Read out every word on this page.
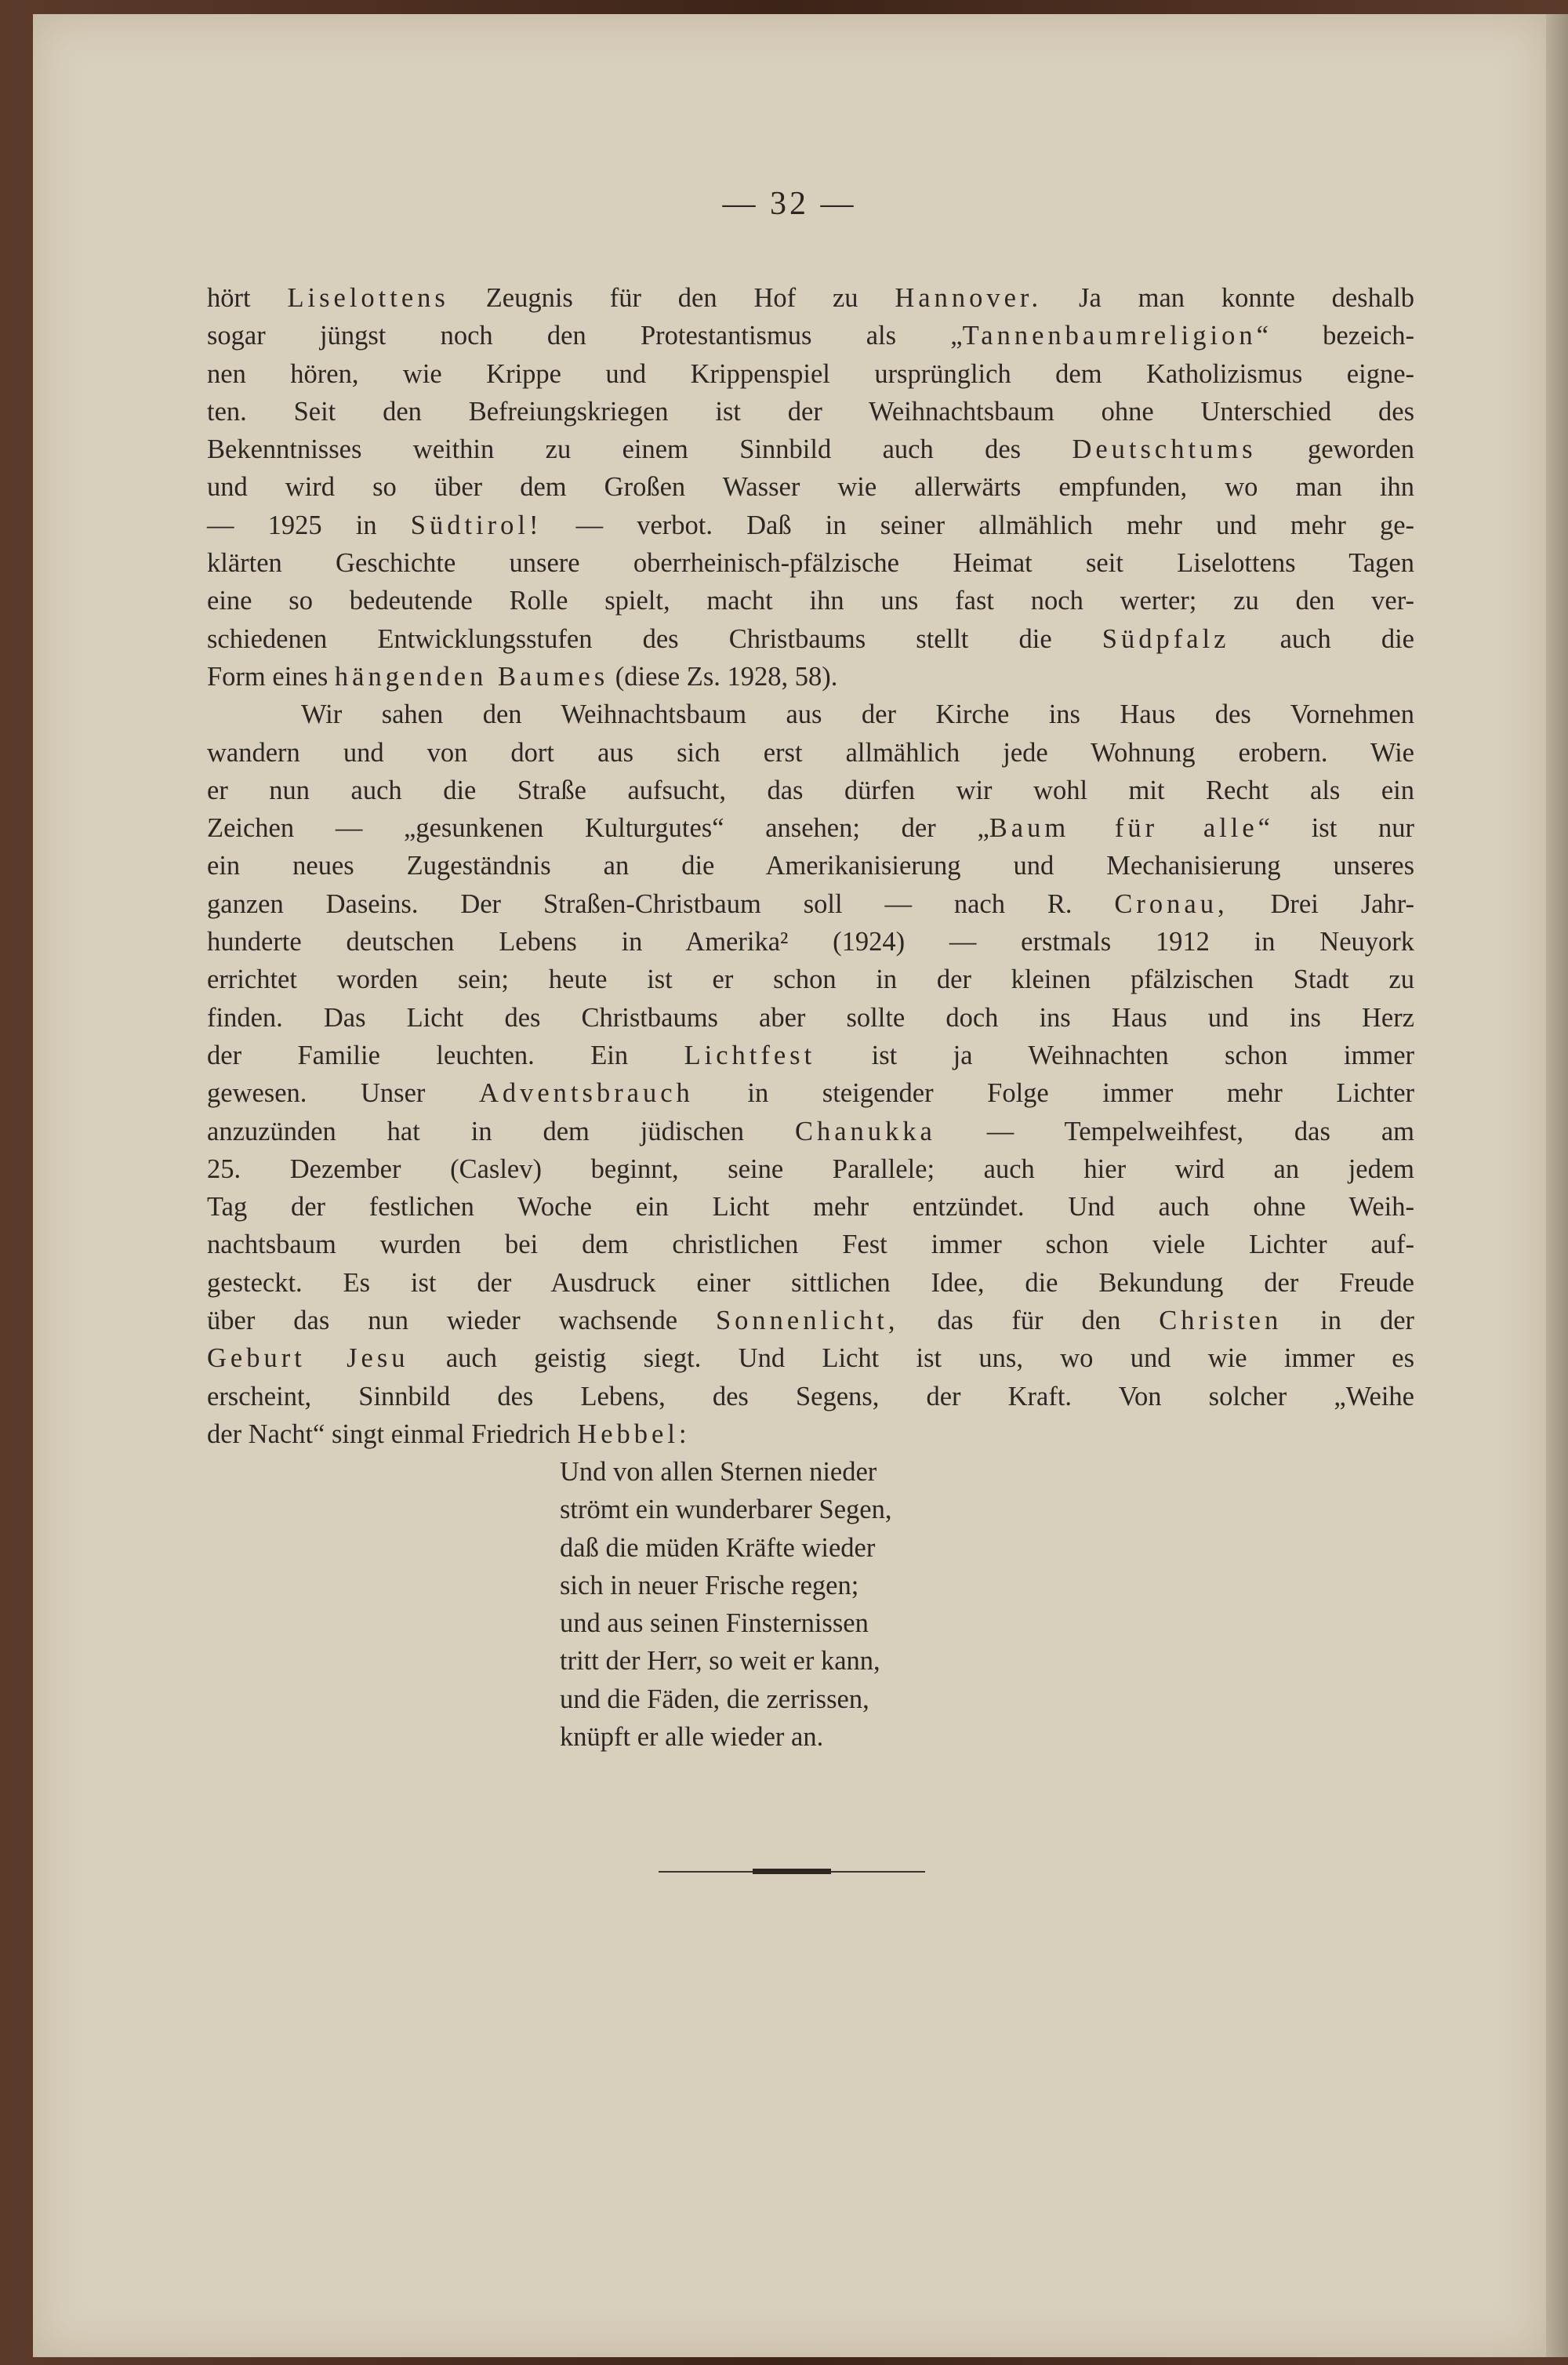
— 32 —
hört Liselottens Zeugnis für den Hof zu Hannover. Ja man konnte deshalb
sogar jüngst noch den Protestantismus als „Tannenbaumreligion“ bezeich-
nen hören, wie Krippe und Krippenspiel ursprünglich dem Katholizismus eigne-
ten. Seit den Befreiungskriegen ist der Weihnachtsbaum ohne Unterschied des
Bekenntnisses weithin zu einem Sinnbild auch des Deutschtums geworden
und wird so über dem Großen Wasser wie allerwärts empfunden, wo man ihn
— 1925 in Südtirol! — verbot. Daß in seiner allmählich mehr und mehr ge-
klärten Geschichte unsere oberrheinisch-pfälzische Heimat seit Liselottens Tagen
eine so bedeutende Rolle spielt, macht ihn uns fast noch werter; zu den ver-
schiedenen Entwicklungsstufen des Christbaums stellt die Südpfalz auch die
Form eines hängenden Baumes (diese Zs. 1928, 58).
Wir sahen den Weihnachtsbaum aus der Kirche ins Haus des Vornehmen
wandern und von dort aus sich erst allmählich jede Wohnung erobern. Wie
er nun auch die Straße aufsucht, das dürfen wir wohl mit Recht als ein
Zeichen — „gesunkenen Kulturgutes“ ansehen; der „Baum für alle“ ist nur
ein neues Zugeständnis an die Amerikanisierung und Mechanisierung unseres
ganzen Daseins. Der Straßen-Christbaum soll — nach R. Cronau, Drei Jahr-
hunderte deutschen Lebens in Amerika² (1924) — erstmals 1912 in Neuyork
errichtet worden sein; heute ist er schon in der kleinen pfälzischen Stadt zu
finden. Das Licht des Christbaums aber sollte doch ins Haus und ins Herz
der Familie leuchten. Ein Lichtfest ist ja Weihnachten schon immer
gewesen. Unser Adventsbrauch in steigender Folge immer mehr Lichter
anzuzünden hat in dem jüdischen Chanukka — Tempelweihfest, das am
25. Dezember (Caslev) beginnt, seine Parallele; auch hier wird an jedem
Tag der festlichen Woche ein Licht mehr entzündet. Und auch ohne Weih-
nachtsbaum wurden bei dem christlichen Fest immer schon viele Lichter auf-
gesteckt. Es ist der Ausdruck einer sittlichen Idee, die Bekundung der Freude
über das nun wieder wachsende Sonnenlicht, das für den Christen in der
Geburt Jesu auch geistig siegt. Und Licht ist uns, wo und wie immer es
erscheint, Sinnbild des Lebens, des Segens, der Kraft. Von solcher „Weihe
der Nacht“ singt einmal Friedrich Hebbel:
Und von allen Sternen nieder
strömt ein wunderbarer Segen,
daß die müden Kräfte wieder
sich in neuer Frische regen;
und aus seinen Finsternissen
tritt der Herr, so weit er kann,
und die Fäden, die zerrissen,
knüpft er alle wieder an.
